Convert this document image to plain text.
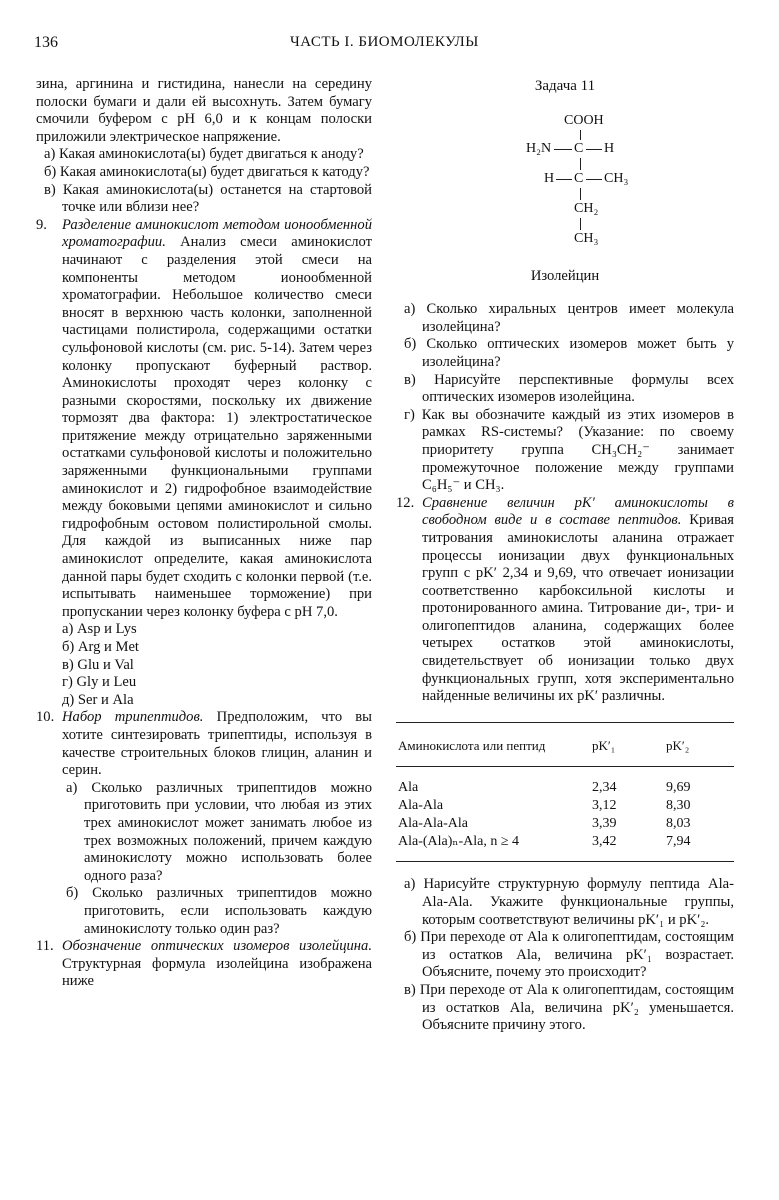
136	ЧАСТЬ I. БИОМОЛЕКУЛЫ

зина, аргинина и гистидина, нанесли на середину полоски бумаги и дали ей высохнуть. Затем бумагу смочили буфером с pH 6,0 и к концам полоски приложили электрическое напряжение.

а) Какая аминокислота(ы) будет двигаться к аноду?

б) Какая аминокислота(ы) будет двигаться к катоду?

в) Какая аминокислота(ы) останется на стартовой точке или вблизи нее?

9. Разделение аминокислот методом ионообменной хроматографии. Анализ смеси аминокислот начинают с разделения этой смеси на компоненты методом ионообменной хроматографии. Небольшое количество смеси вносят в верхнюю часть колонки, заполненной частицами полистирола, содержащими остатки сульфоновой кислоты (см. рис. 5-14). Затем через колонку пропускают буферный раствор. Аминокислоты проходят через колонку с разными скоростями, поскольку их движение тормозят два фактора: 1) электростатическое притяжение между отрицательно заряженными остатками сульфоновой кислоты и положительно заряженными функциональными группами аминокислот и 2) гидрофобное взаимодействие между боковыми цепями аминокислот и сильно гидрофобным остовом полистирольной смолы. Для каждой из выписанных ниже пар аминокислот определите, какая аминокислота данной пары будет сходить с колонки первой (т.е. испытывать наименьшее торможение) при пропускании через колонку буфера с pH 7,0.

а) Asp и Lys

б) Arg и Met

в) Glu и Val

г) Gly и Leu

д) Ser и Ala

10. Набор трипептидов. Предположим, что вы хотите синтезировать трипептиды, используя в качестве строительных блоков глицин, аланин и серин.

а) Сколько различных трипептидов можно приготовить при условии, что любая из этих трех аминокислот может занимать любое из трех возможных положений, причем каждую аминокислоту можно использовать более одного раза?

б) Сколько различных трипептидов можно приготовить, если использовать каждую аминокислоту только один раз?

11. Обозначение оптических изомеров изолейцина. Структурная формула изолейцина изображена ниже

Задача 11
COOH
H₂N C H
H C CH₃
CH₂
CH₃
Изолейцин

а) Сколько хиральных центров имеет молекула изолейцина?

б) Сколько оптических изомеров может быть у изолейцина?

в) Нарисуйте перспективные формулы всех оптических изомеров изолейцина.

г) Как вы обозначите каждый из этих изомеров в рамках RS-системы? (Указание: по своему приоритету группа CH₃CH₂⁻ занимает промежуточное положение между группами C₆H₅⁻ и CH₃.

12. Сравнение величин pK′ аминокислоты в свободном виде и в составе пептидов. Кривая титрования аминокислоты аланина отражает процессы ионизации двух функциональных групп с pK′ 2,34 и 9,69, что отвечает ионизации соответственно карбоксильной кислоты и протонированного амина. Титрование ди-, три- и олигопептидов аланина, содержащих более четырех остатков этой аминокислоты, свидетельствует об ионизации только двух функциональных групп, хотя экспериментально найденные величины их pK′ различны.

Аминокислота или пептид	pK′₁	pK′₂
Ala	2,34	9,69
Ala-Ala	3,12	8,30
Ala-Ala-Ala	3,39	8,03
Ala-(Ala)ₙ-Ala, n ≥ 4	3,42	7,94

а) Нарисуйте структурную формулу пептида Ala-Ala-Ala. Укажите функциональные группы, которым соответствуют величины pK′₁ и pK′₂.

б) При переходе от Ala к олигопептидам, состоящим из остатков Ala, величина pK′₁ возрастает. Объясните, почему это происходит?

в) При переходе от Ala к олигопептидам, состоящим из остатков Ala, величина pK′₂ уменьшается. Объясните причину этого.
